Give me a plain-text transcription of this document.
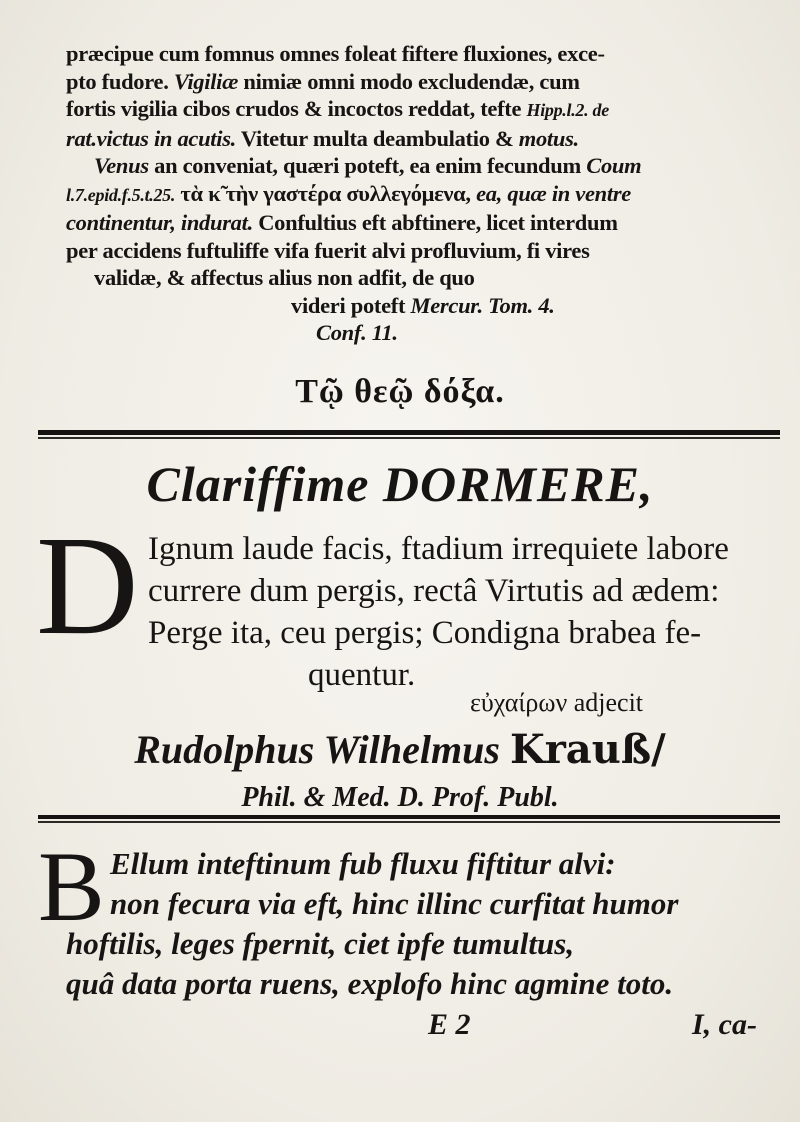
præcipue cum fomnus omnes foleat fiftere fluxiones, exce-

pto fudore. Vigiliæ nimiæ omni modo excludendæ, cum

fortis vigilia cibos crudos & incoctos reddat, tefte Hipp.l.2. de

rat.victus in acutis. Vitetur multa deambulatio & motus.

Venus an conveniat, quæri poteft, ea enim fecundum Coum

l.7.epid.f.5.t.25. τὰ κ̃ τὴν γαστέρα συλλεγόμενα, ea, quæ in ventre

continentur, indurat. Confultius eft abftinere, licet interdum

per accidens fuftuliffe vifa fuerit alvi profluvium, fi vires

validæ, & affectus alius non adfit, de quo

videri poteft Mercur. Tom. 4.

Conf. 11.

Τῷ θεῷ δόξα.
Clariffime DORMERE,
D Ignum laude facis, ftadium irrequiete labore

currere dum pergis, rectâ Virtutis ad ædem:

Perge ita, ceu pergis; Condigna brabea fe-

quentur.

εὐχαίρων adjecit
Rudolphus Wilhelmus Krauß/
Phil. & Med. D. Prof. Publ.
B Ellum inteftinum fub fluxu fiftitur alvi:

non fecura via eft, hinc illinc curfitat humor

hoftilis, leges fpernit, ciet ipfe tumultus,

quâ data porta ruens, explofo hinc agmine toto.

E 2	I, ca-
